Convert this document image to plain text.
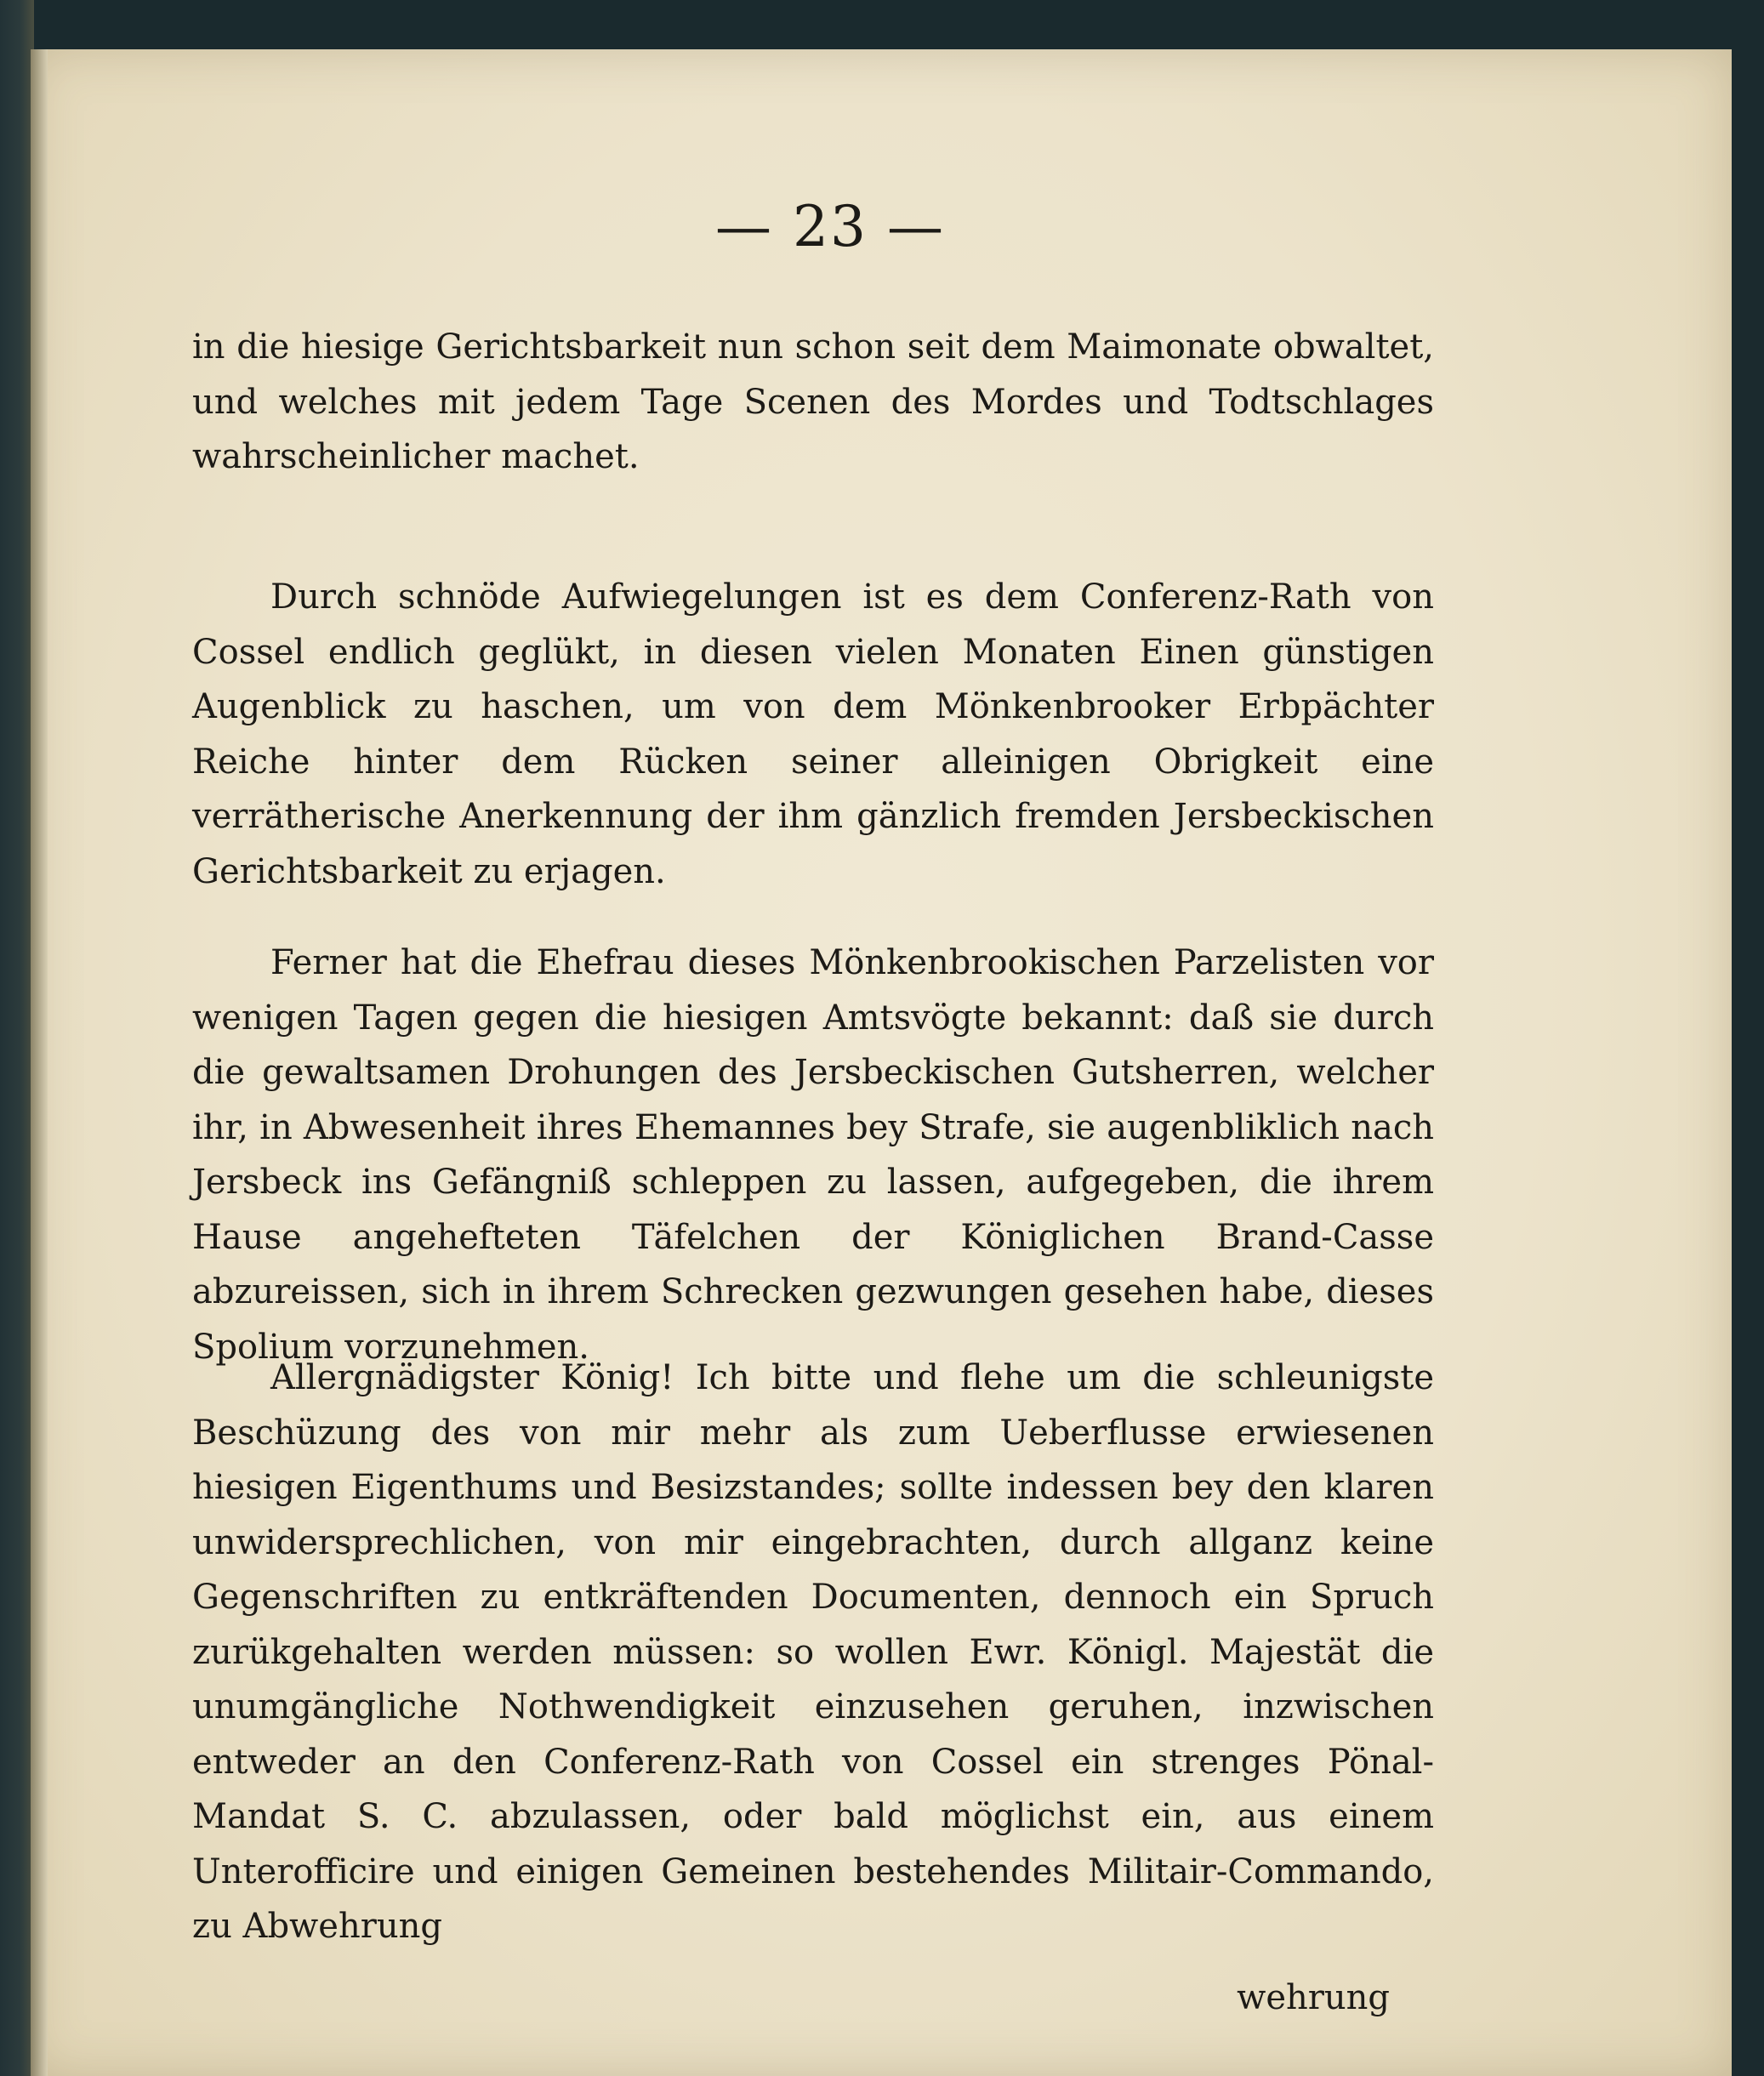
— 23 —

in die hiesige Gerichtsbarkeit nun schon seit dem Maimonate obwaltet, und welches mit jedem Tage Scenen des Mordes und Todtschlages wahrscheinlicher machet.

Durch schnöde Aufwiegelungen ist es dem Conferenz-Rath von Cossel endlich geglükt, in diesen vielen Monaten Einen günstigen Augenblick zu haschen, um von dem Mönkenbrooker Erbpächter Reiche hinter dem Rücken seiner alleinigen Obrigkeit eine verrätherische Anerkennung der ihm gänzlich fremden Jersbeckischen Gerichtsbarkeit zu erjagen.

Ferner hat die Ehefrau dieses Mönkenbrookischen Parzelisten vor wenigen Tagen gegen die hiesigen Amtsvögte bekannt: daß sie durch die gewaltsamen Drohungen des Jersbeckischen Gutsherren, welcher ihr, in Abwesenheit ihres Ehemannes bey Strafe, sie augenbliklich nach Jersbeck ins Gefängniß schleppen zu lassen, aufgegeben, die ihrem Hause angehefteten Täfelchen der Königlichen Brand-Casse abzureissen, sich in ihrem Schrecken gezwungen gesehen habe, dieses Spolium vorzunehmen.

Allergnädigster König! Ich bitte und flehe um die schleunigste Beschüzung des von mir mehr als zum Ueberflusse erwiesenen hiesigen Eigenthums und Besizstandes; sollte indessen bey den klaren unwidersprechlichen, von mir eingebrachten, durch allganz keine Gegenschriften zu entkräftenden Documenten, dennoch ein Spruch zurükgehalten werden müssen: so wollen Ewr. Königl. Majestät die unumgängliche Nothwendigkeit einzusehen geruhen, inzwischen entweder an den Conferenz-Rath von Cossel ein strenges Pönal-Mandat S. C. abzulassen, oder bald möglichst ein, aus einem Unterofficire und einigen Gemeinen bestehendes Militair-Commando, zu Abwehrung

wehrung
